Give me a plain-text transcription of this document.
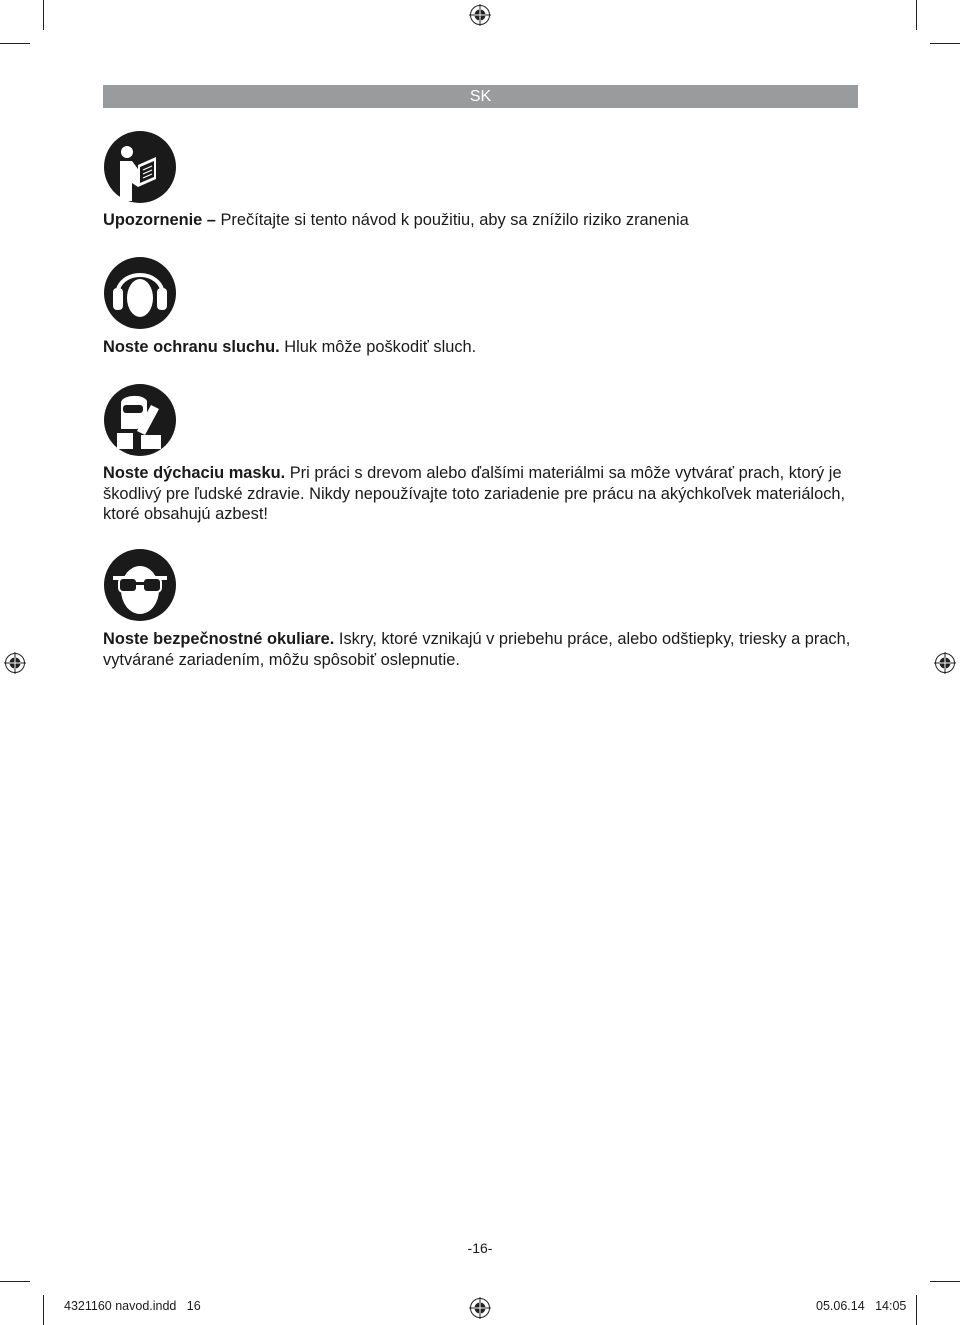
SK
Upozornenie – Prečítajte si tento návod k použitiu, aby sa znížilo riziko zranenia
Noste ochranu sluchu. Hluk môže poškodiť sluch.
Noste dýchaciu masku. Pri práci s drevom alebo ďalšími materiálmi sa môže vytvárať prach, ktorý je škodlivý pre ľudské zdravie. Nikdy nepoužívajte toto zariadenie pre prácu na akýchkoľvek materiáloch, ktoré obsahujú azbest!
Noste bezpečnostné okuliare. Iskry, ktoré vznikajú v priebehu práce, alebo odštiepky, triesky a prach, vytvárané zariadením, môžu spôsobiť oslepnutie.
-16-
4321160 navod.indd   16	05.06.14   14:05
